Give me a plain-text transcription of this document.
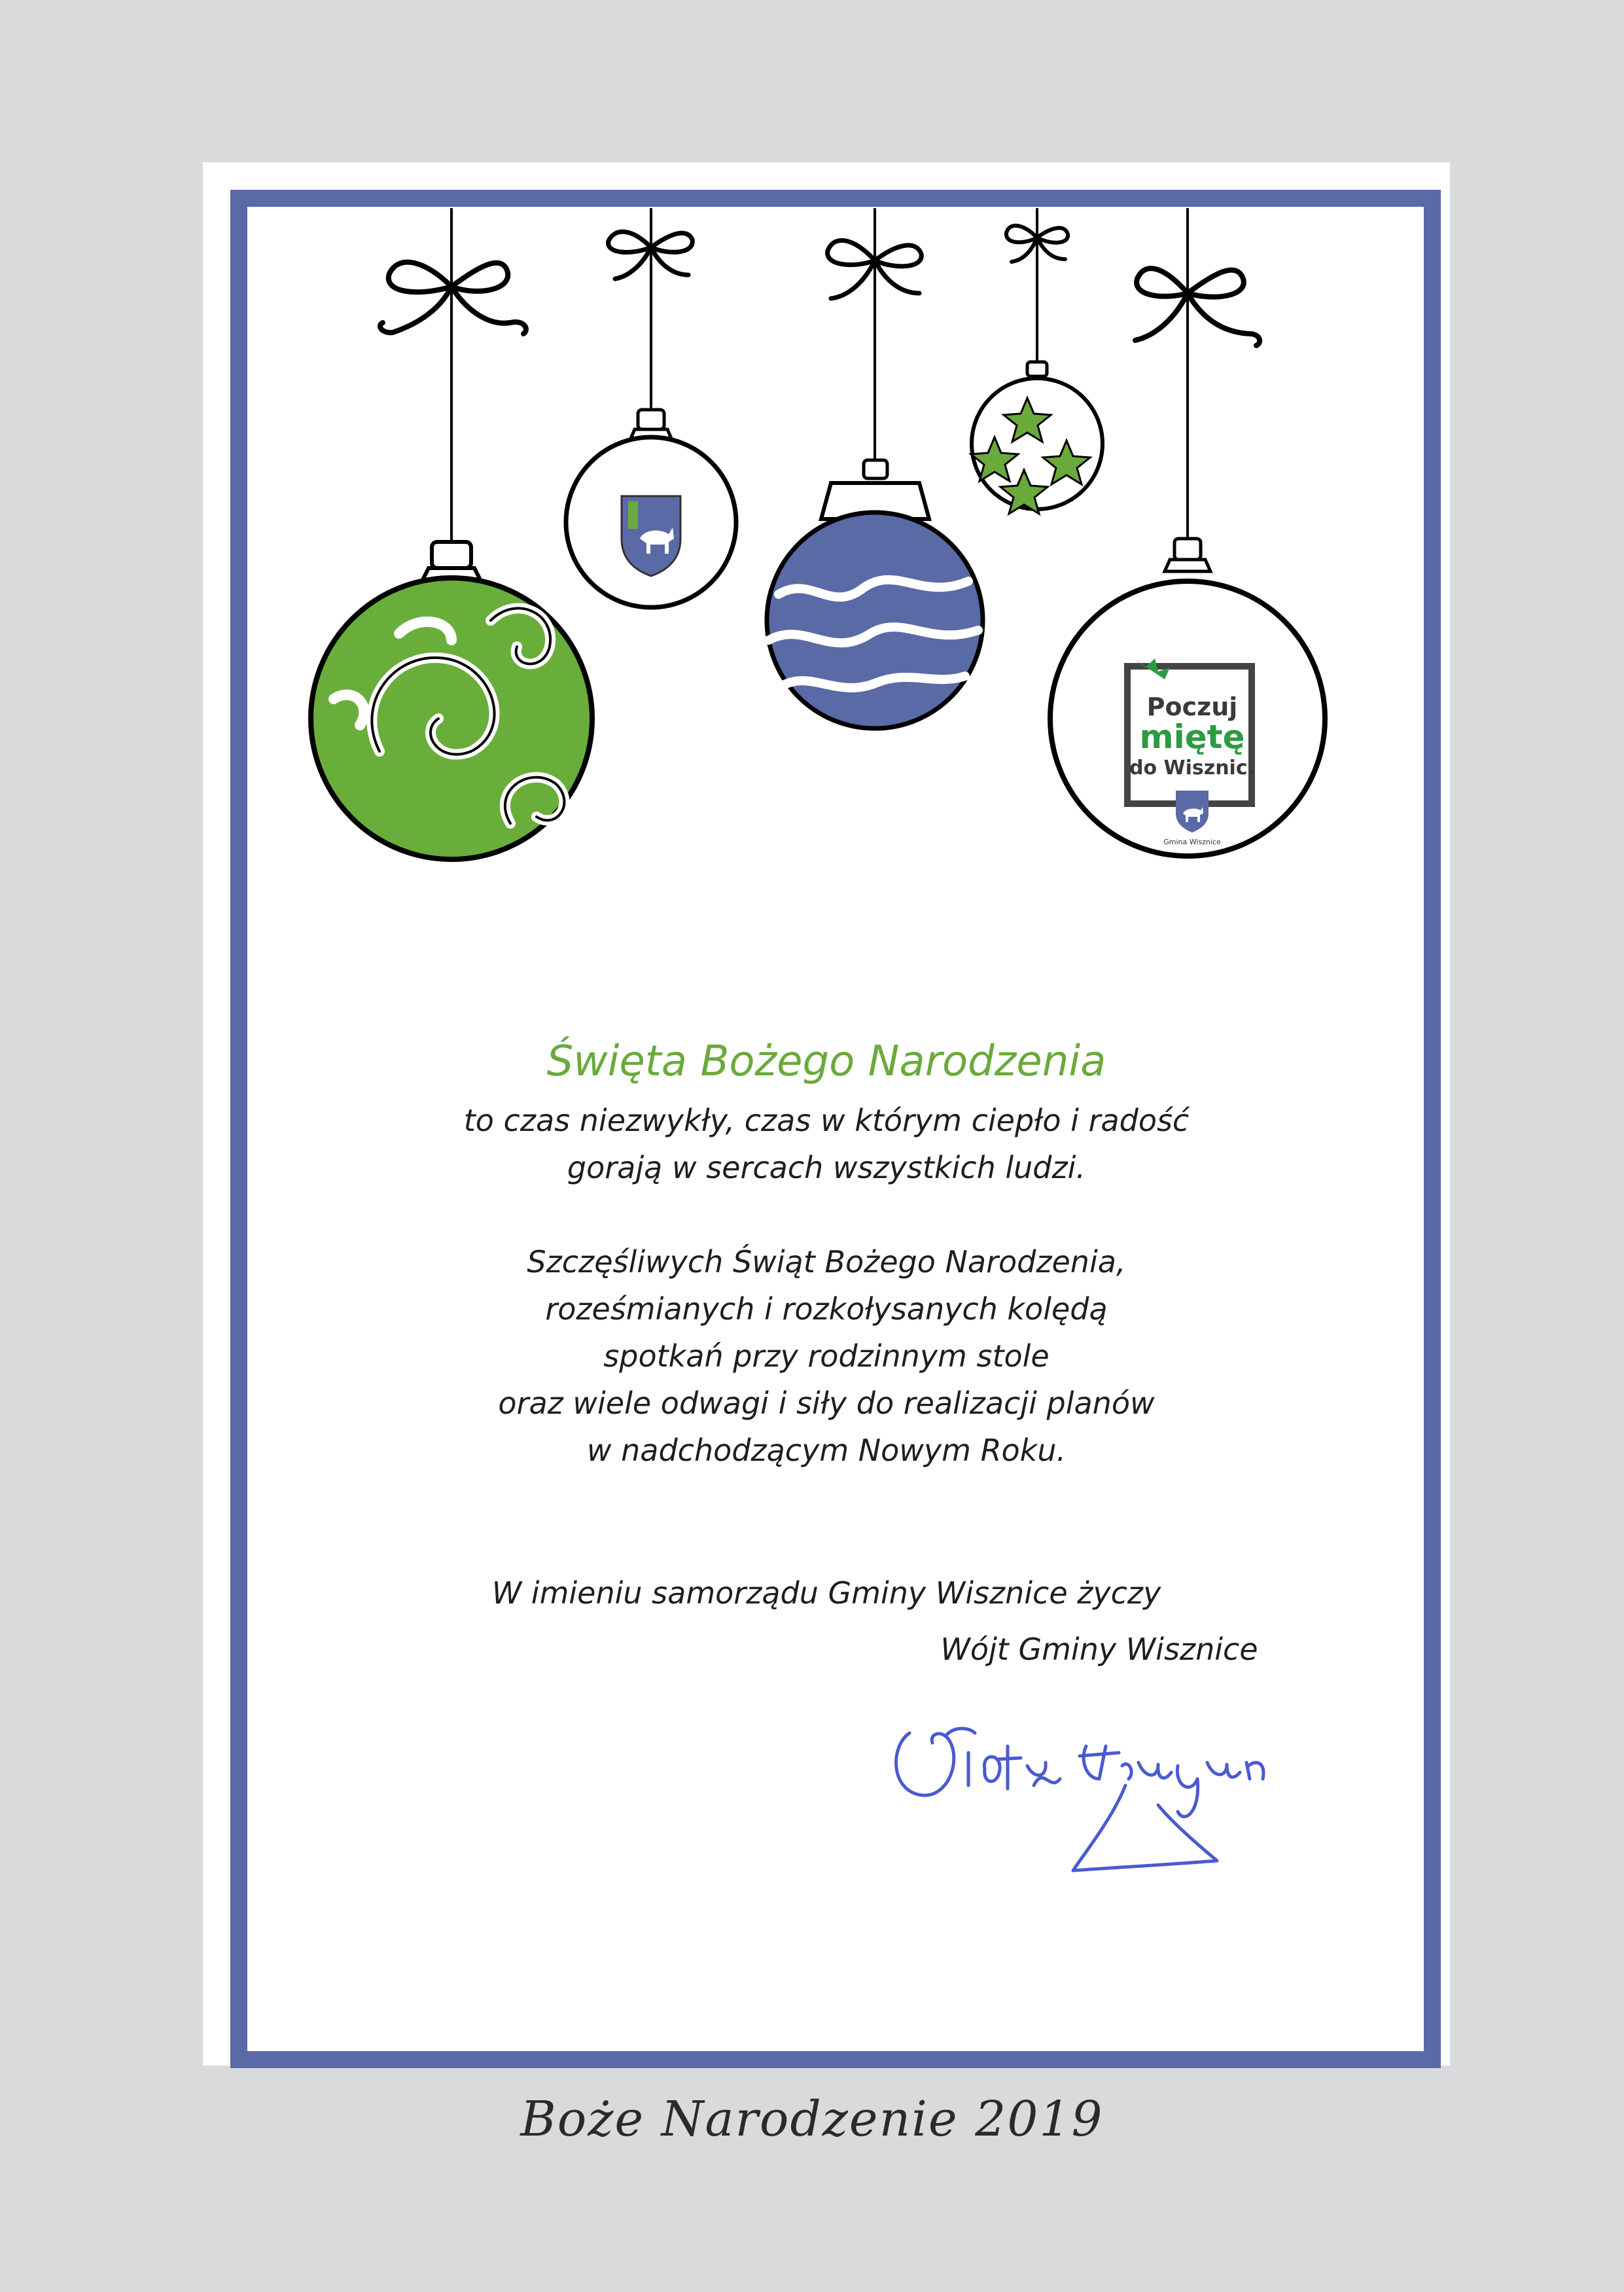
Poczuj
miętę
do Wisznic.
Gmina Wisznice
Święta Bożego Narodzenia

to czas niezwykły, czas w którym ciepło i radość
gorają w sercach wszystkich ludzi.

Szczęśliwych Świąt Bożego Narodzenia,
roześmianych i rozkołysanych kolędą
spotkań przy rodzinnym stole
oraz wiele odwagi i siły do realizacji planów
w nadchodzącym Nowym Roku.

W imieniu samorządu Gminy Wisznice życzy
Wójt Gminy Wisznice
Boże Narodzenie 2019
